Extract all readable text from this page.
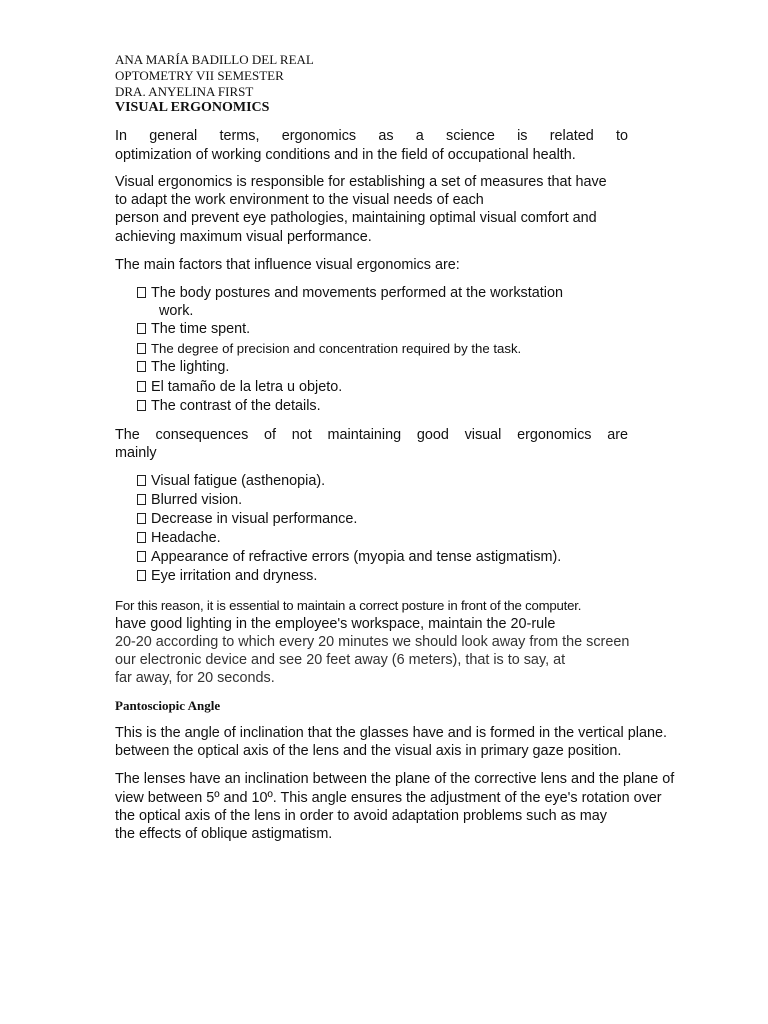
ANA MARÍA BADILLO DEL REAL
OPTOMETRY VII SEMESTER
DRA. ANYELINA FIRST
VISUAL ERGONOMICS
In general terms, ergonomics as a science is related to
optimization of working conditions and in the field of occupational health.
Visual ergonomics is responsible for establishing a set of measures that have
to adapt the work environment to the visual needs of each
person and prevent eye pathologies, maintaining optimal visual comfort and
achieving maximum visual performance.
The main factors that influence visual ergonomics are:
The body postures and movements performed at the workstation
work.
The time spent.
The degree of precision and concentration required by the task.
The lighting.
El tamaño de la letra u objeto.
The contrast of the details.
The consequences of not maintaining good visual ergonomics are
mainly
Visual fatigue (asthenopia).
Blurred vision.
Decrease in visual performance.
Headache.
Appearance of refractive errors (myopia and tense astigmatism).
Eye irritation and dryness.
For this reason, it is essential to maintain a correct posture in front of the computer.
have good lighting in the employee's workspace, maintain the 20-rule
20-20 according to which every 20 minutes we should look away from the screen
our electronic device and see 20 feet away (6 meters), that is to say, at
far away, for 20 seconds.
Pantosciopic Angle
This is the angle of inclination that the glasses have and is formed in the vertical plane.
between the optical axis of the lens and the visual axis in primary gaze position.
The lenses have an inclination between the plane of the corrective lens and the plane of
view between 5º and 10º. This angle ensures the adjustment of the eye's rotation over
the optical axis of the lens in order to avoid adaptation problems such as may
the effects of oblique astigmatism.
